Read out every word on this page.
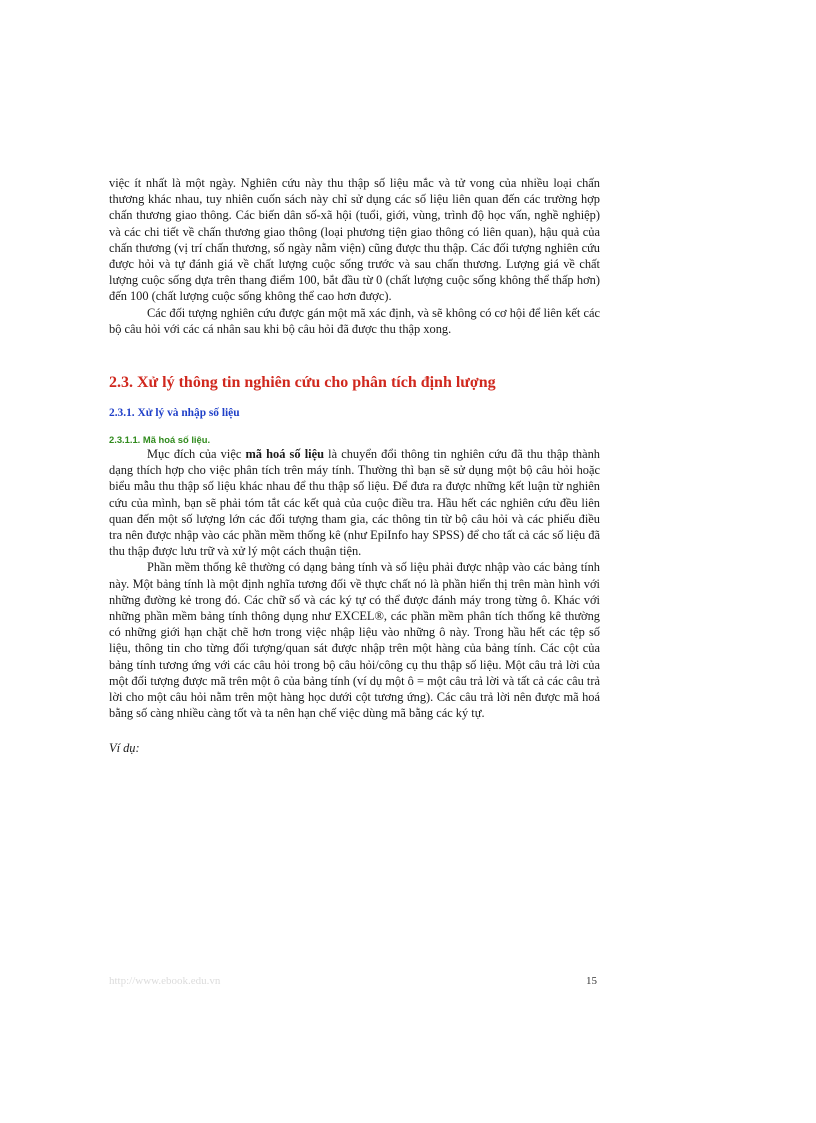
việc ít nhất là một ngày. Nghiên cứu này thu thập số liệu mắc và tử vong của nhiều loại chấn thương khác nhau, tuy nhiên cuốn sách này chỉ sử dụng các số liệu liên quan đến các trường hợp chấn thương giao thông. Các biến dân số-xã hội (tuổi, giới, vùng, trình độ học vấn, nghề nghiệp) và các chi tiết về chấn thương giao thông (loại phương tiện giao thông có liên quan), hậu quả của chấn thương (vị trí chấn thương, số ngày nằm viện) cũng được thu thập. Các đối tượng nghiên cứu được hỏi và tự đánh giá về chất lượng cuộc sống trước và sau chấn thương. Lượng giá về chất lượng cuộc sống dựa trên thang điểm 100, bắt đầu từ 0 (chất lượng cuộc sống không thể thấp hơn) đến 100 (chất lượng cuộc sống không thể cao hơn được).

Các đối tượng nghiên cứu được gán một mã xác định, và sẽ không có cơ hội để liên kết các bộ câu hỏi với các cá nhân sau khi bộ câu hỏi đã được thu thập xong.

2.3. Xử lý thông tin nghiên cứu cho phân tích định lượng
2.3.1. Xử lý và nhập số liệu
2.3.1.1. Mã hoá số liệu.

Mục đích của việc mã hoá số liệu là chuyển đổi thông tin nghiên cứu đã thu thập thành dạng thích hợp cho việc phân tích trên máy tính. Thường thì bạn sẽ sử dụng một bộ câu hỏi hoặc biểu mẫu thu thập số liệu khác nhau để thu thập số liệu. Để đưa ra được những kết luận từ nghiên cứu của mình, bạn sẽ phải tóm tắt các kết quả của cuộc điều tra. Hầu hết các nghiên cứu đều liên quan đến một số lượng lớn các đối tượng tham gia, các thông tin từ bộ câu hỏi và các phiếu điều tra nên được nhập vào các phần mềm thống kê (như EpiInfo hay SPSS) để cho tất cả các số liệu đã thu thập được lưu trữ và xử lý một cách thuận tiện.

Phần mềm thống kê thường có dạng bảng tính và số liệu phải được nhập vào các bảng tính này. Một bảng tính là một định nghĩa tương đối về thực chất nó là phần hiển thị trên màn hình với những đường kẻ trong đó. Các chữ số và các ký tự có thể được đánh máy trong từng ô. Khác với những phần mềm bảng tính thông dụng như EXCEL®, các phần mềm phân tích thống kê thường có những giới hạn chặt chẽ hơn trong việc nhập liệu vào những ô này. Trong hầu hết các tệp số liệu, thông tin cho từng đối tượng/quan sát được nhập trên một hàng của bảng tính. Các cột của bảng tính tương ứng với các câu hỏi trong bộ câu hỏi/công cụ thu thập số liệu. Một câu trả lời của một đối tượng được mã trên một ô của bảng tính (ví dụ một ô = một câu trả lời và tất cả các câu trả lời cho một câu hỏi nằm trên một hàng học dưới cột tương ứng). Các câu trả lời nên được mã hoá bằng số càng nhiều càng tốt và ta nên hạn chế việc dùng mã bằng các ký tự.

Ví dụ:

http://www.ebook.edu.vn	15
